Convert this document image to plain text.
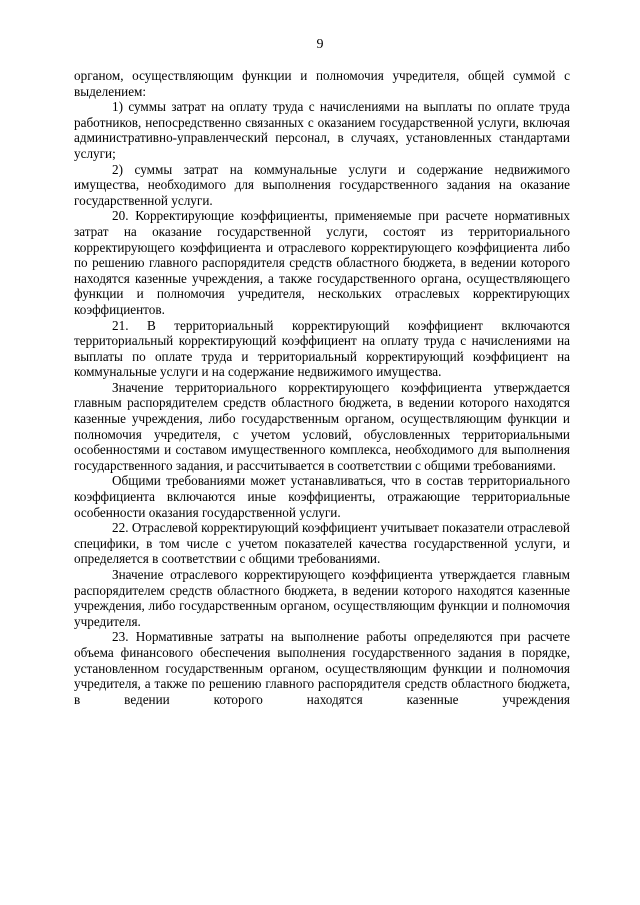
9

органом, осуществляющим функции и полномочия учредителя, общей суммой с выделением:

1) суммы затрат на оплату труда с начислениями на выплаты по оплате труда работников, непосредственно связанных с оказанием государственной услуги, включая административно-управленческий персонал, в случаях, установленных стандартами услуги;

2) суммы затрат на коммунальные услуги и содержание недвижимого имущества, необходимого для выполнения государственного задания на оказание государственной услуги.

20. Корректирующие коэффициенты, применяемые при расчете нормативных затрат на оказание государственной услуги, состоят из территориального корректирующего коэффициента и отраслевого корректирующего коэффициента либо по решению главного распорядителя средств областного бюджета, в ведении которого находятся казенные учреждения, а также государственного органа, осуществляющего функции и полномочия учредителя, нескольких отраслевых корректирующих коэффициентов.

21. В территориальный корректирующий коэффициент включаются территориальный корректирующий коэффициент на оплату труда с начислениями на выплаты по оплате труда и территориальный корректирующий коэффициент на коммунальные услуги и на содержание недвижимого имущества.

Значение территориального корректирующего коэффициента утверждается главным распорядителем средств областного бюджета, в ведении которого находятся казенные учреждения, либо государственным органом, осуществляющим функции и полномочия учредителя, с учетом условий, обусловленных территориальными особенностями и составом имущественного комплекса, необходимого для выполнения государственного задания, и рассчитывается в соответствии с общими требованиями.

Общими требованиями может устанавливаться, что в состав территориального коэффициента включаются иные коэффициенты, отражающие территориальные особенности оказания государственной услуги.

22. Отраслевой корректирующий коэффициент учитывает показатели отраслевой специфики, в том числе с учетом показателей качества государственной услуги, и определяется в соответствии с общими требованиями.

Значение отраслевого корректирующего коэффициента утверждается главным распорядителем средств областного бюджета, в ведении которого находятся казенные учреждения, либо государственным органом, осуществляющим функции и полномочия учредителя.

23. Нормативные затраты на выполнение работы определяются при расчете объема финансового обеспечения выполнения государственного задания в порядке, установленном государственным органом, осуществляющим функции и полномочия учредителя, а также по решению главного распорядителя средств областного бюджета, в ведении которого находятся казенные учреждения
